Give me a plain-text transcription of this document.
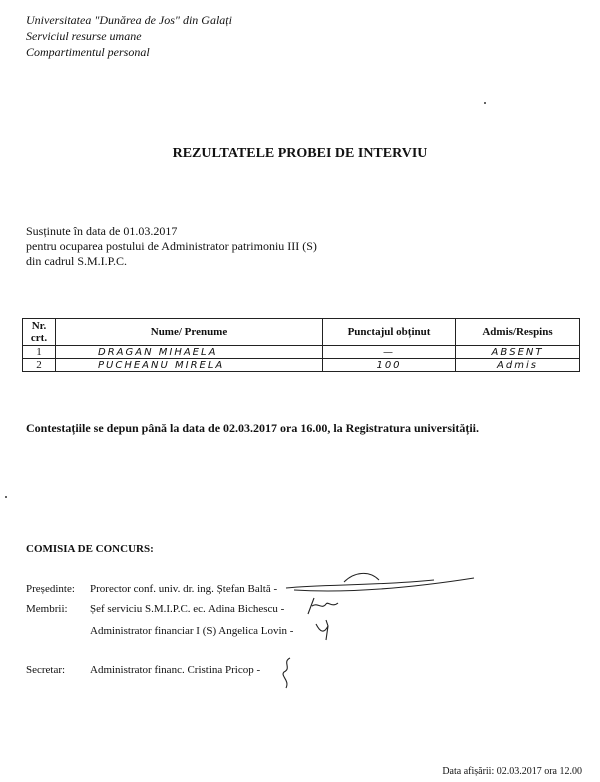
Universitatea "Dunărea de Jos" din Galați
Serviciul resurse umane
Compartimentul personal
REZULTATELE PROBEI DE INTERVIU
Susținute în data de 01.03.2017
pentru ocuparea postului de Administrator patrimoniu III (S)
din cadrul S.M.I.P.C.
Nr. crt.	Nume/ Prenume	Punctajul obținut	Admis/Respins
1	DRAGAN MIHAELA	—	ABSENT
2	PUCHEANU MIRELA	100	Admis
Contestațiile se depun până la data de 02.03.2017 ora 16.00, la Registratura universității.
COMISIA DE CONCURS:
Președinte: Prorector conf. univ. dr. ing. Ștefan Baltă -
Membrii: Șef serviciu S.M.I.P.C. ec. Adina Bichescu -
Administrator financiar I (S) Angelica Lovin -
Secretar: Administrator financ. Cristina Pricop -
Data afișării: 02.03.2017 ora 12.00
